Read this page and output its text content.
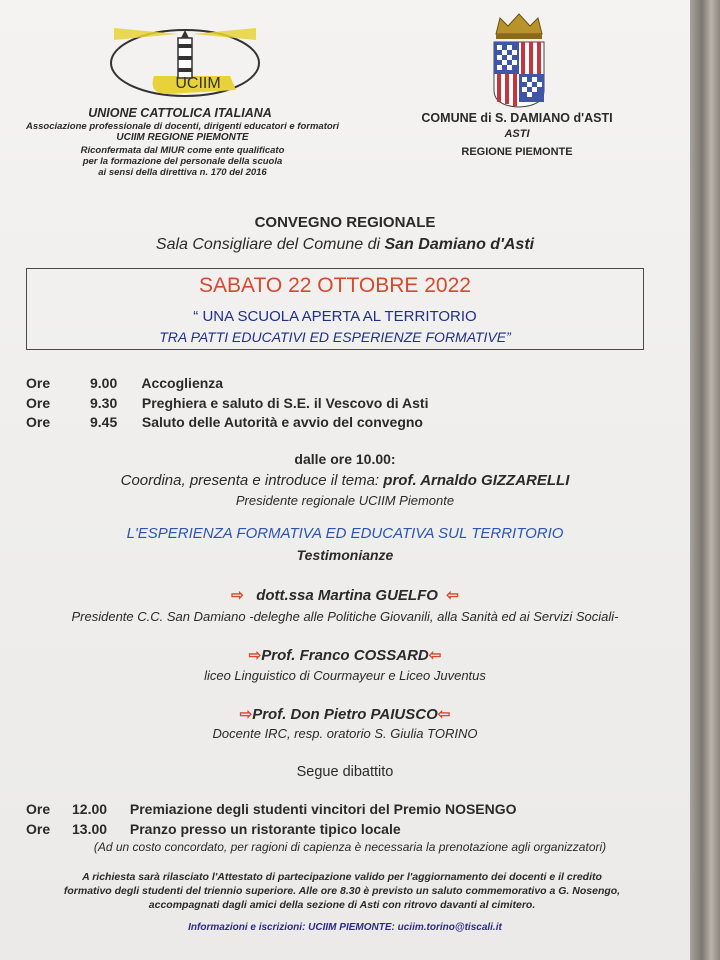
UCIIM
UNIONE CATTOLICA ITALIANA
Associazione professionale di docenti, dirigenti educatori e formatori
UCIIM REGIONE PIEMONTE
Riconfermata dal MIUR come ente qualificato
per la formazione del personale della scuola
ai sensi della direttiva n. 170 del 2016
COMUNE di S. DAMIANO d'ASTI
ASTI
REGIONE PIEMONTE
CONVEGNO REGIONALE
Sala Consigliare del Comune di San Damiano d'Asti
SABATO 22 OTTOBRE 2022
“ UNA SCUOLA APERTA AL TERRITORIO
TRA PATTI EDUCATIVI ED ESPERIENZE FORMATIVE”
Ore	9.00 Accoglienza
Ore	9.30 Preghiera e saluto di S.E. il Vescovo di Asti
Ore	9.45 Saluto delle Autorità e avvio del convegno
dalle ore 10.00:
Coordina, presenta e introduce il tema: prof. Arnaldo GIZZARELLI
Presidente regionale UCIIM Piemonte
L'ESPERIENZA FORMATIVA ED EDUCATIVA SUL TERRITORIO
Testimonianze
⇨ dott.ssa Martina GUELFO ⇦
Presidente C.C. San Damiano -deleghe alle Politiche Giovanili, alla Sanità ed ai Servizi Sociali-
⇨Prof. Franco COSSARD⇦
liceo Linguistico di Courmayeur e Liceo Juventus
⇨Prof. Don Pietro PAIUSCO⇦
Docente IRC, resp. oratorio S. Giulia TORINO
Segue dibattito
Ore 12.00 Premiazione degli studenti vincitori del Premio NOSENGO
Ore 13.00 Pranzo presso un ristorante tipico locale
(Ad un costo concordato, per ragioni di capienza è necessaria la prenotazione agli organizzatori)
A richiesta sarà rilasciato l'Attestato di partecipazione valido per l'aggiornamento dei docenti e il credito
formativo degli studenti del triennio superiore. Alle ore 8.30 è previsto un saluto commemorativo a G. Nosengo,
accompagnati dagli amici della sezione di Asti con ritrovo davanti al cimitero.
Informazioni e iscrizioni: UCIIM PIEMONTE: uciim.torino@tiscali.it
